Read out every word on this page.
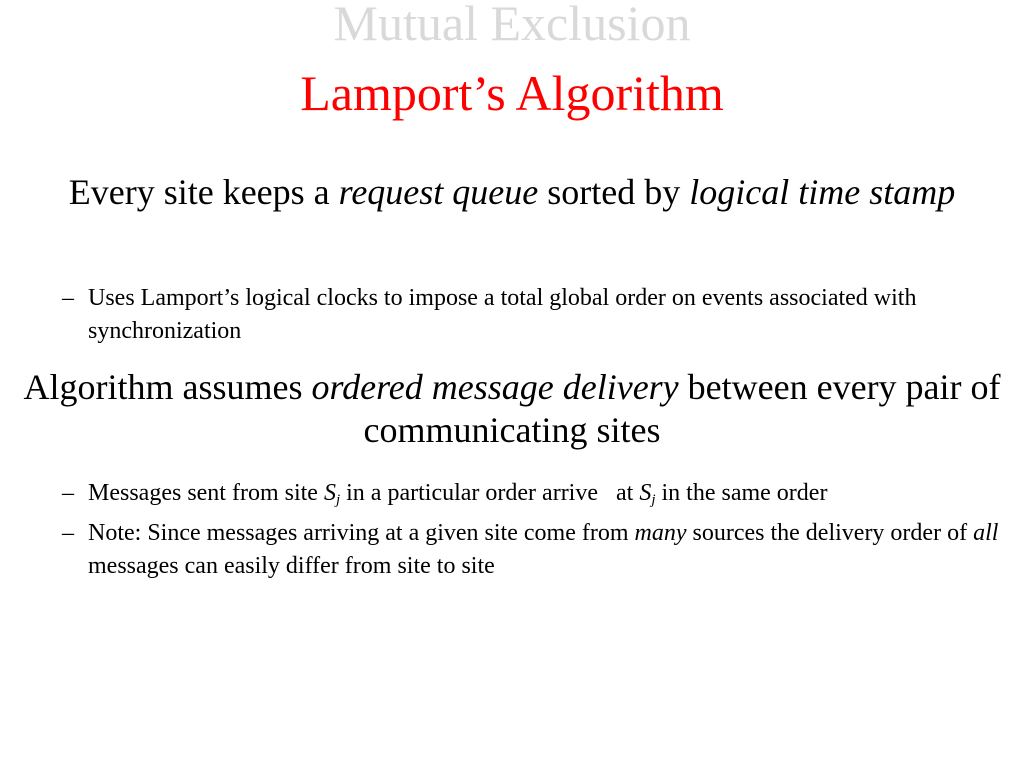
Mutual Exclusion
Lamport’s Algorithm
Every site keeps a request queue sorted by logical time stamp
– Uses Lamport’s logical clocks to impose a total global order on events associated with synchronization
Algorithm assumes ordered message delivery between every pair of communicating sites
– Messages sent from site $S_j$ in a particular order arrive   at $S_j$ in the same order
– Note: Since messages arriving at a given site come from many sources the delivery order of all messages can easily differ from site to site
